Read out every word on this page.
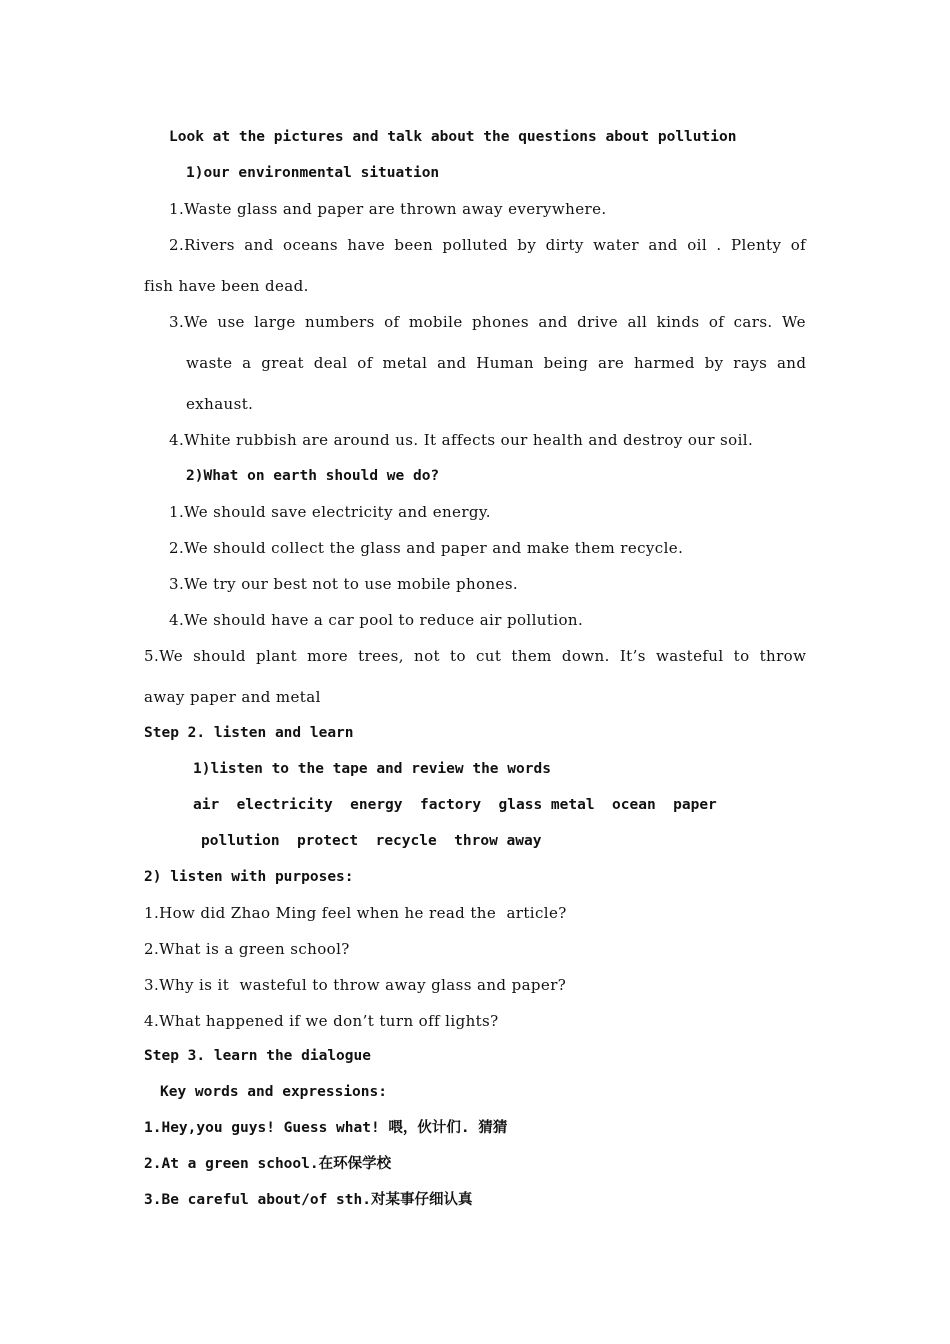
Look at the pictures and talk about the questions about pollution
1)our environmental situation
1.Waste glass and paper are thrown away everywhere.
2.Rivers and oceans have been polluted by dirty water and oil . Plenty of
fish have been dead.
3.We use large numbers of mobile phones and drive all kinds of cars. We
waste a great deal of metal and Human being are harmed by rays and
exhaust.
4.White rubbish are around us. It affects our health and destroy our soil.
2)What on earth should we do?
1.We should save electricity and energy.
2.We should collect the glass and paper and make them recycle.
3.We try our best not to use mobile phones.
4.We should have a car pool to reduce air pollution.
5.We should plant more trees, not to cut them down. It’s wasteful to throw
away paper and metal
Step 2. listen and learn
1)listen to the tape and review the words
air  electricity  energy  factory  glass metal  ocean  paper
pollution  protect  recycle  throw away
2) listen with purposes:
1.How did Zhao Ming feel when he read the  article?
2.What is a green school?
3.Why is it  wasteful to throw away glass and paper?
4.What happened if we don’t turn off lights?
Step 3. learn the dialogue
Key words and expressions:
1.Hey,you guys! Guess what! 喂，伙计们. 猜猜
2.At a green school.在环保学校
3.Be careful about/of sth.对某事仔细认真
